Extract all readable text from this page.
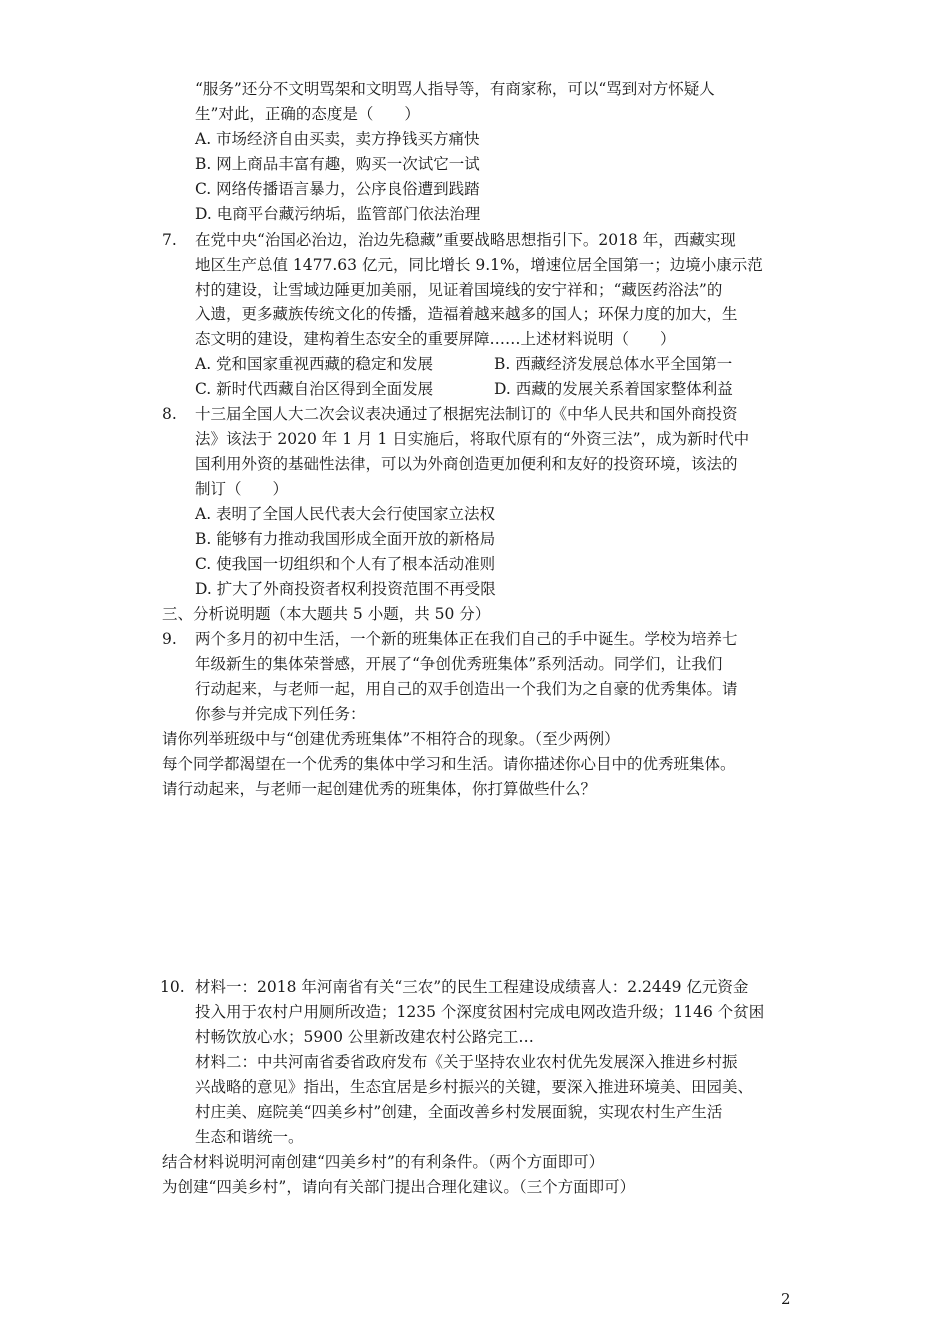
“服务”还分不文明骂架和文明骂人指导等，有商家称，可以“骂到对方怀疑人
生”对此，正确的态度是（　　）
A. 市场经济自由买卖，卖方挣钱买方痛快
B. 网上商品丰富有趣，购买一次试它一试
C. 网络传播语言暴力，公序良俗遭到践踏
D. 电商平台藏污纳垢，监管部门依法治理
7. 在党中央“治国必治边，治边先稳藏”重要战略思想指引下。2018 年，西藏实现
地区生产总值 1477.63 亿元，同比增长 9.1%，增速位居全国第一；边境小康示范
村的建设，让雪域边陲更加美丽，见证着国境线的安宁祥和；“藏医药浴法”的
入遗，更多藏族传统文化的传播，造福着越来越多的国人；环保力度的加大，生
态文明的建设，建构着生态安全的重要屏障……上述材料说明（　　）
A. 党和国家重视西藏的稳定和发展	B. 西藏经济发展总体水平全国第一
C. 新时代西藏自治区得到全面发展	D. 西藏的发展关系着国家整体利益
8. 十三届全国人大二次会议表决通过了根据宪法制订的《中华人民共和国外商投资
法》该法于 2020 年 1 月 1 日实施后，将取代原有的“外资三法”，成为新时代中
国利用外资的基础性法律，可以为外商创造更加便利和友好的投资环境，该法的
制订（　　）
A. 表明了全国人民代表大会行使国家立法权
B. 能够有力推动我国形成全面开放的新格局
C. 使我国一切组织和个人有了根本活动准则
D. 扩大了外商投资者权利投资范围不再受限
三、分析说明题（本大题共 5 小题，共 50 分）
9. 两个多月的初中生活，一个新的班集体正在我们自己的手中诞生。学校为培养七
年级新生的集体荣誉感，开展了“争创优秀班集体”系列活动。同学们，让我们
行动起来，与老师一起，用自己的双手创造出一个我们为之自豪的优秀集体。请
你参与并完成下列任务：
请你列举班级中与“创建优秀班集体”不相符合的现象。（至少两例）
每个同学都渴望在一个优秀的集体中学习和生活。请你描述你心目中的优秀班集体。
请行动起来，与老师一起创建优秀的班集体，你打算做些什么？
10. 材料一：2018 年河南省有关“三农”的民生工程建设成绩喜人：2.2449 亿元资金
投入用于农村户用厕所改造；1235 个深度贫困村完成电网改造升级；1146 个贫困
村畅饮放心水；5900 公里新改建农村公路完工…
材料二：中共河南省委省政府发布《关于坚持农业农村优先发展深入推进乡村振
兴战略的意见》指出，生态宜居是乡村振兴的关键，要深入推进环境美、田园美、
村庄美、庭院美“四美乡村”创建，全面改善乡村发展面貌，实现农村生产生活
生态和谐统一。
结合材料说明河南创建“四美乡村”的有利条件。（两个方面即可）
为创建“四美乡村”，请向有关部门提出合理化建议。（三个方面即可）
2
